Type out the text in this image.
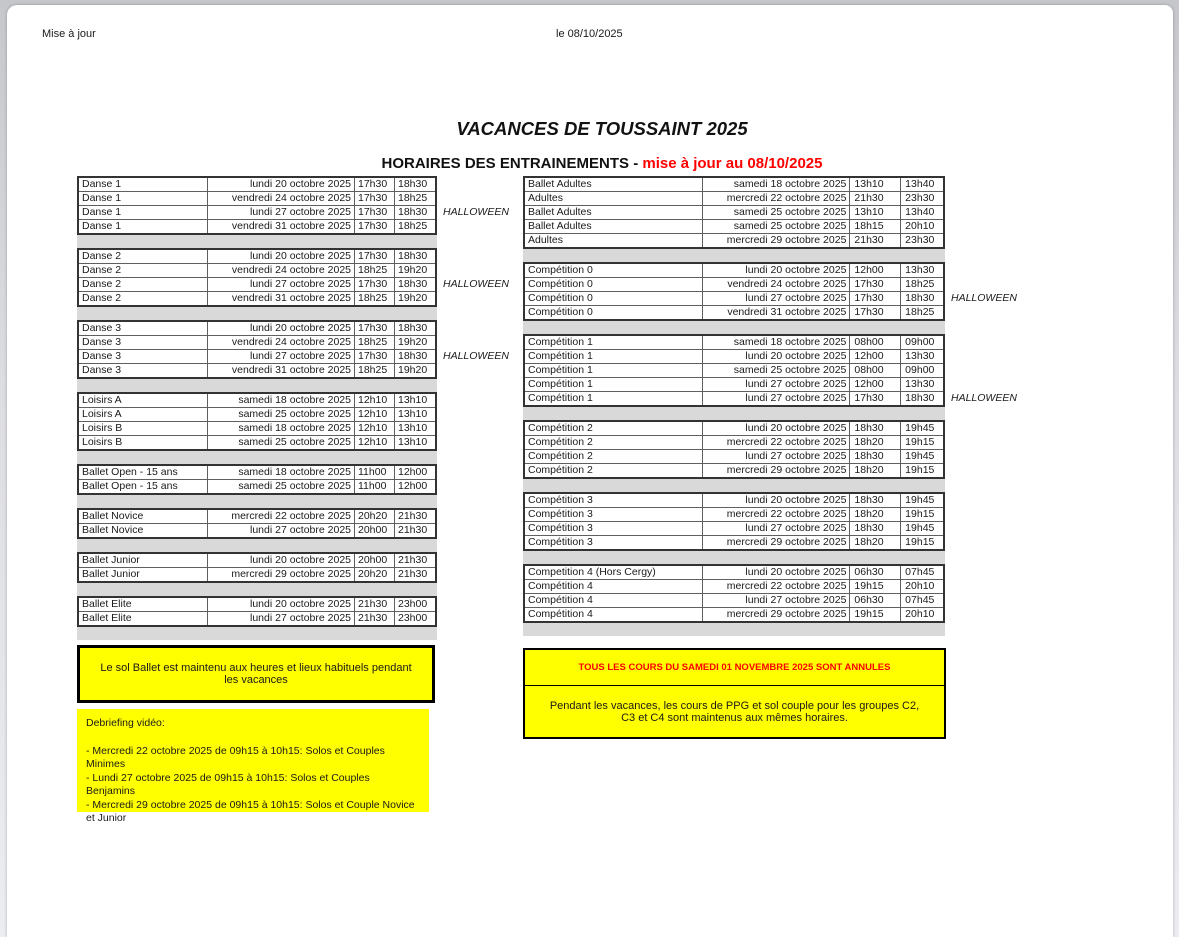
Mise à jour	le 08/10/2025
VACANCES DE TOUSSAINT 2025
HORAIRES DES ENTRAINEMENTS - mise à jour au 08/10/2025
Danse 1	lundi 20 octobre 2025 17h30	18h30
Danse 1	vendredi 24 octobre 2025 17h30	18h25
Danse 1	lundi 27 octobre 2025 17h30	18h30	HALLOWEEN
Danse 1	vendredi 31 octobre 2025 17h30	18h25
Danse 2	lundi 20 octobre 2025 17h30	18h30
Danse 2	vendredi 24 octobre 2025 18h25	19h20
Danse 2	lundi 27 octobre 2025 17h30	18h30	HALLOWEEN
Danse 2	vendredi 31 octobre 2025 18h25	19h20
Danse 3	lundi 20 octobre 2025 17h30	18h30
Danse 3	vendredi 24 octobre 2025 18h25	19h20
Danse 3	lundi 27 octobre 2025 17h30	18h30	HALLOWEEN
Danse 3	vendredi 31 octobre 2025 18h25	19h20
Loisirs A	samedi 18 octobre 2025 12h10	13h10
Loisirs A	samedi 25 octobre 2025 12h10	13h10
Loisirs B	samedi 18 octobre 2025 12h10	13h10
Loisirs B	samedi 25 octobre 2025 12h10	13h10
Ballet Open - 15 ans	samedi 18 octobre 2025 11h00	12h00
Ballet Open - 15 ans	samedi 25 octobre 2025 11h00	12h00
Ballet Novice	mercredi 22 octobre 2025 20h20	21h30
Ballet Novice	lundi 27 octobre 2025 20h00	21h30
Ballet Junior	lundi 20 octobre 2025 20h00	21h30
Ballet Junior	mercredi 29 octobre 2025 20h20	21h30
Ballet Elite	lundi 20 octobre 2025 21h30	23h00
Ballet Elite	lundi 27 octobre 2025 21h30	23h00
Ballet Adultes	samedi 18 octobre 2025 13h10	13h40
Adultes	mercredi 22 octobre 2025 21h30	23h30
Ballet Adultes	samedi 25 octobre 2025 13h10	13h40
Ballet Adultes	samedi 25 octobre 2025 18h15	20h10
Adultes	mercredi 29 octobre 2025 21h30	23h30
Compétition 0	lundi 20 octobre 2025 12h00	13h30
Compétition 0	vendredi 24 octobre 2025 17h30	18h25
Compétition 0	lundi 27 octobre 2025 17h30	18h30	HALLOWEEN
Compétition 0	vendredi 31 octobre 2025 17h30	18h25
Compétition 1	samedi 18 octobre 2025 08h00	09h00
Compétition 1	lundi 20 octobre 2025 12h00	13h30
Compétition 1	samedi 25 octobre 2025 08h00	09h00
Compétition 1	lundi 27 octobre 2025 12h00	13h30
Compétition 1	lundi 27 octobre 2025 17h30	18h30	HALLOWEEN
Compétition 2	lundi 20 octobre 2025 18h30	19h45
Compétition 2	mercredi 22 octobre 2025 18h20	19h15
Compétition 2	lundi 27 octobre 2025 18h30	19h45
Compétition 2	mercredi 29 octobre 2025 18h20	19h15
Compétition 3	lundi 20 octobre 2025 18h30	19h45
Compétition 3	mercredi 22 octobre 2025 18h20	19h15
Compétition 3	lundi 27 octobre 2025 18h30	19h45
Compétition 3	mercredi 29 octobre 2025 18h20	19h15
Competition 4 (Hors Cergy)	lundi 20 octobre 2025 06h30	07h45
Compétition 4	mercredi 22 octobre 2025 19h15	20h10
Compétition 4	lundi 27 octobre 2025 06h30	07h45
Compétition 4	mercredi 29 octobre 2025 19h15	20h10
Le sol Ballet est maintenu aux heures et lieux habituels pendant les vacances
Debriefing vidéo:
- Mercredi 22 octobre 2025 de 09h15 à 10h15: Solos et Couples Minimes
- Lundi 27 octobre 2025 de 09h15 à 10h15: Solos et Couples Benjamins
- Mercredi 29 octobre 2025 de 09h15 à 10h15: Solos et Couple Novice et Junior
TOUS LES COURS DU SAMEDI 01 NOVEMBRE 2025 SONT ANNULES
Pendant les vacances, les cours de PPG et sol couple pour les groupes C2, C3 et C4 sont maintenus aux mêmes horaires.
